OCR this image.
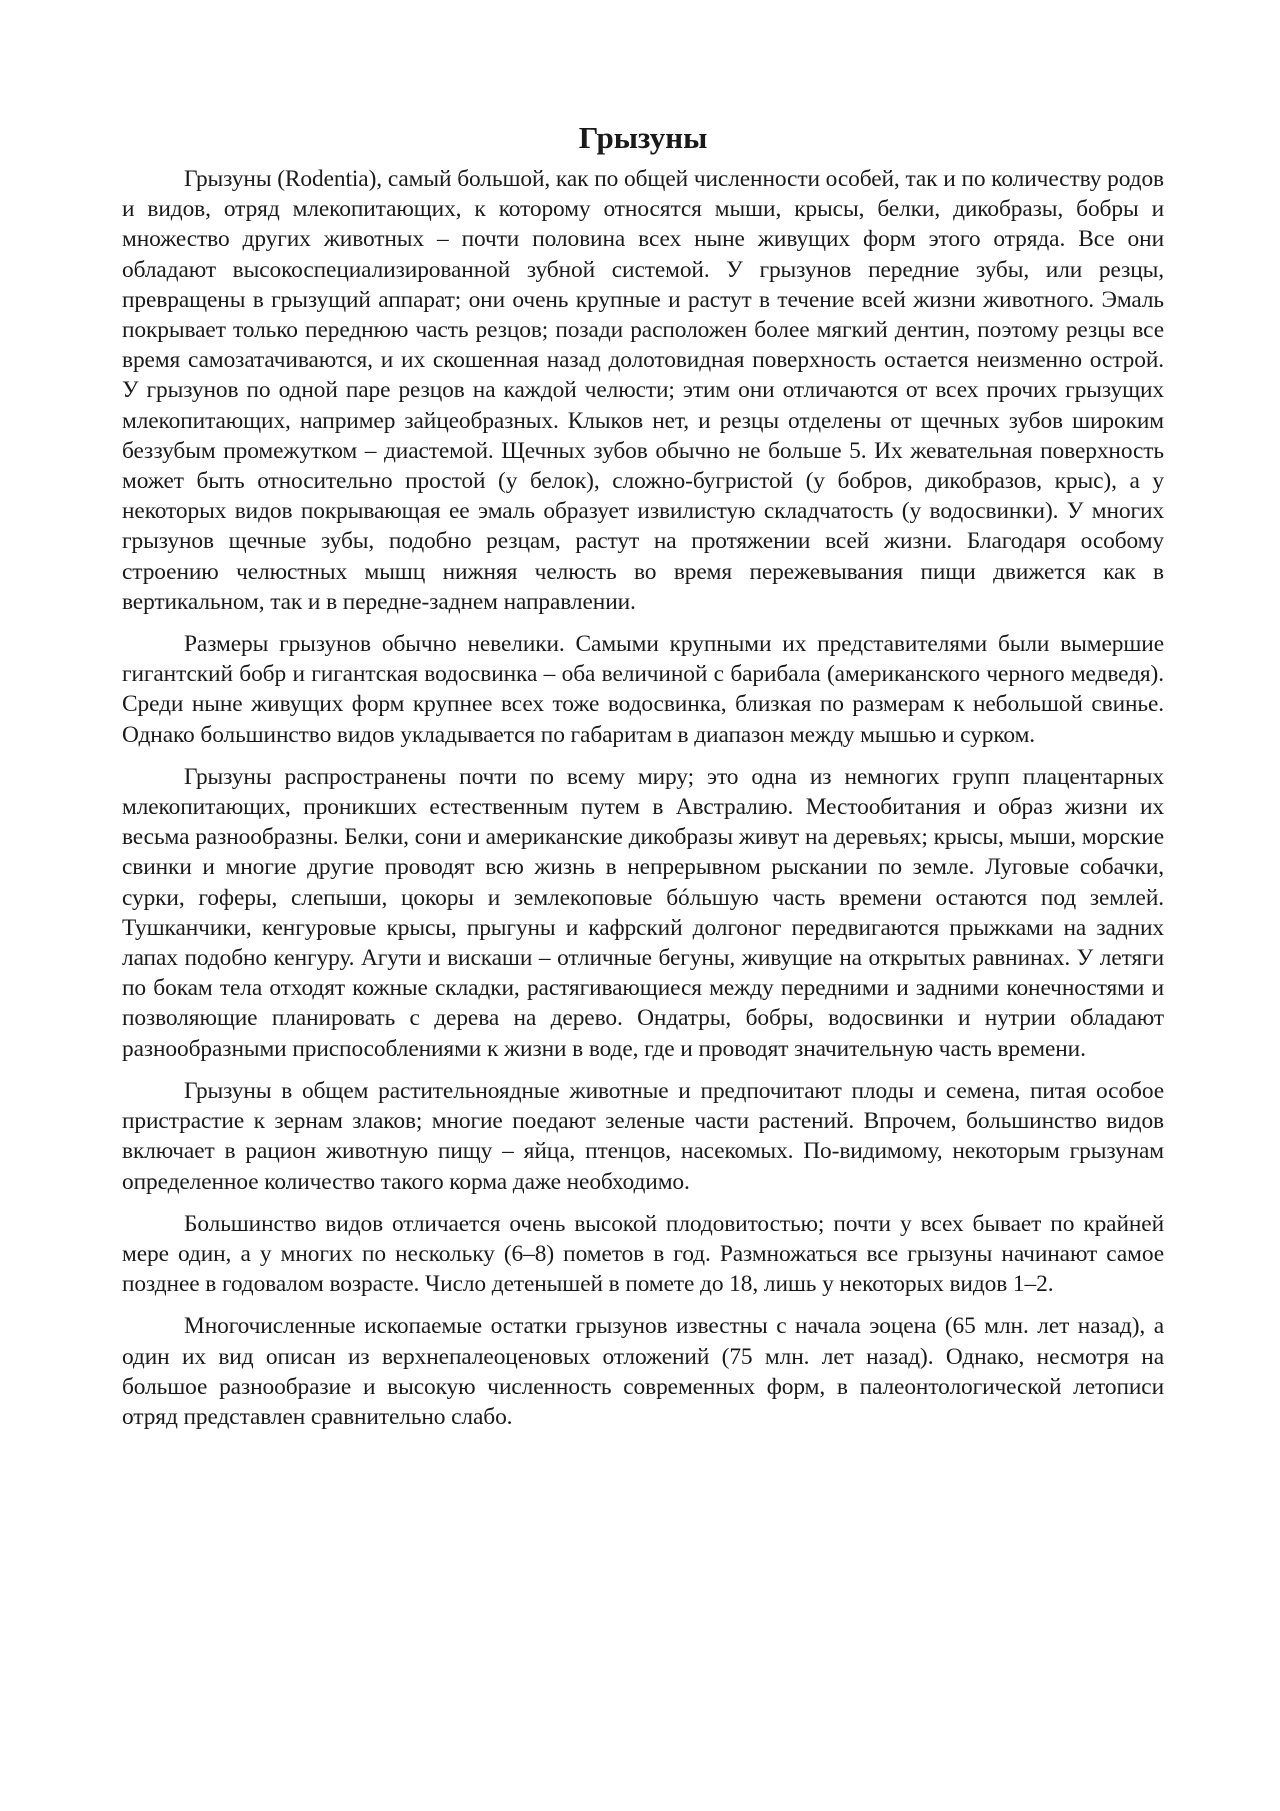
Грызуны

Грызуны (Rodentia), самый большой, как по общей численности особей, так и по количеству родов и видов, отряд млекопитающих, к которому относятся мыши, крысы, белки, дикобразы, бобры и множество других животных – почти половина всех ныне живущих форм этого отряда. Все они обладают высокоспециализированной зубной системой. У грызунов передние зубы, или резцы, превращены в грызущий аппарат; они очень крупные и растут в течение всей жизни животного. Эмаль покрывает только переднюю часть резцов; позади расположен более мягкий дентин, поэтому резцы все время самозатачиваются, и их скошенная назад долотовидная поверхность остается неизменно острой. У грызунов по одной паре резцов на каждой челюсти; этим они отличаются от всех прочих грызущих млекопитающих, например зайцеобразных. Клыков нет, и резцы отделены от щечных зубов широким беззубым промежутком – диастемой. Щечных зубов обычно не больше 5. Их жевательная поверхность может быть относительно простой (у белок), сложно-бугристой (у бобров, дикобразов, крыс), а у некоторых видов покрывающая ее эмаль образует извилистую складчатость (у водосвинки). У многих грызунов щечные зубы, подобно резцам, растут на протяжении всей жизни. Благодаря особому строению челюстных мышц нижняя челюсть во время пережевывания пищи движется как в вертикальном, так и в передне-заднем направлении.

Размеры грызунов обычно невелики. Самыми крупными их представителями были вымершие гигантский бобр и гигантская водосвинка – оба величиной с барибала (американского черного медведя). Среди ныне живущих форм крупнее всех тоже водосвинка, близкая по размерам к небольшой свинье. Однако большинство видов укладывается по габаритам в диапазон между мышью и сурком.

Грызуны распространены почти по всему миру; это одна из немногих групп плацентарных млекопитающих, проникших естественным путем в Австралию. Местообитания и образ жизни их весьма разнообразны. Белки, сони и американские дикобразы живут на деревьях; крысы, мыши, морские свинки и многие другие проводят всю жизнь в непрерывном рыскании по земле. Луговые собачки, сурки, гоферы, слепыши, цокоры и землекоповые бóльшую часть времени остаются под землей. Тушканчики, кенгуровые крысы, прыгуны и кафрский долгоног передвигаются прыжками на задних лапах подобно кенгуру. Агути и вискаши – отличные бегуны, живущие на открытых равнинах. У летяги по бокам тела отходят кожные складки, растягивающиеся между передними и задними конечностями и позволяющие планировать с дерева на дерево. Ондатры, бобры, водосвинки и нутрии обладают разнообразными приспособлениями к жизни в воде, где и проводят значительную часть времени.

Грызуны в общем растительноядные животные и предпочитают плоды и семена, питая особое пристрастие к зернам злаков; многие поедают зеленые части растений. Впрочем, большинство видов включает в рацион животную пищу – яйца, птенцов, насекомых. По-видимому, некоторым грызунам определенное количество такого корма даже необходимо.

Большинство видов отличается очень высокой плодовитостью; почти у всех бывает по крайней мере один, а у многих по нескольку (6–8) пометов в год. Размножаться все грызуны начинают самое позднее в годовалом возрасте. Число детенышей в помете до 18, лишь у некоторых видов 1–2.

Многочисленные ископаемые остатки грызунов известны с начала эоцена (65 млн. лет назад), а один их вид описан из верхнепалеоценовых отложений (75 млн. лет назад). Однако, несмотря на большое разнообразие и высокую численность современных форм, в палеонтологической летописи отряд представлен сравнительно слабо.
